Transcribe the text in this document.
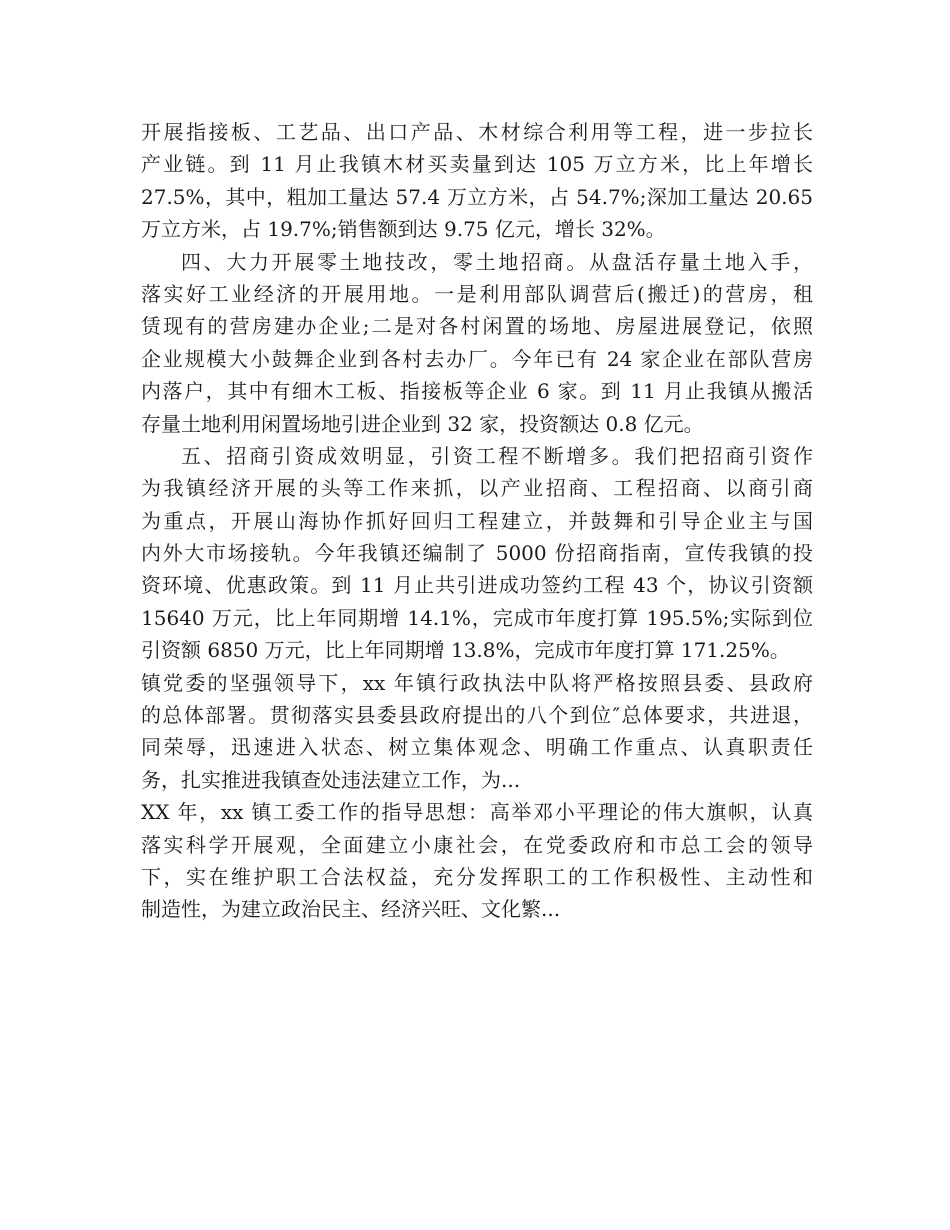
开展指接板、工艺品、出口产品、木材综合利用等工程，进一步拉长
产业链。到 11 月止我镇木材买卖量到达 105 万立方米，比上年增长
27.5%，其中，粗加工量达 57.4 万立方米，占 54.7%;深加工量达 20.65
万立方米，占 19.7%;销售额到达 9.75 亿元，增长 32%。
四、大力开展零土地技改，零土地招商。从盘活存量土地入手，
落实好工业经济的开展用地。一是利用部队调营后(搬迁)的营房，租
赁现有的营房建办企业;二是对各村闲置的场地、房屋进展登记，依照
企业规模大小鼓舞企业到各村去办厂。今年已有 24 家企业在部队营房
内落户，其中有细木工板、指接板等企业 6 家。到 11 月止我镇从搬活
存量土地利用闲置场地引进企业到 32 家，投资额达 0.8 亿元。
五、招商引资成效明显，引资工程不断增多。我们把招商引资作
为我镇经济开展的头等工作来抓，以产业招商、工程招商、以商引商
为重点，开展山海协作抓好回归工程建立，并鼓舞和引导企业主与国
内外大市场接轨。今年我镇还编制了 5000 份招商指南，宣传我镇的投
资环境、优惠政策。到 11 月止共引进成功签约工程 43 个，协议引资额
15640 万元，比上年同期增 14.1%，完成市年度打算 195.5%;实际到位
引资额 6850 万元，比上年同期增 13.8%，完成市年度打算 171.25%。
镇党委的坚强领导下，xx 年镇行政执法中队将严格按照县委、县政府
的总体部署。贯彻落实县委县政府提出的八个到位″总体要求，共进退，
同荣辱，迅速进入状态、树立集体观念、明确工作重点、认真职责任
务，扎实推进我镇查处违法建立工作，为...
XX 年，xx 镇工委工作的指导思想：高举邓小平理论的伟大旗帜，认真
落实科学开展观，全面建立小康社会，在党委政府和市总工会的领导
下，实在维护职工合法权益，充分发挥职工的工作积极性、主动性和
制造性，为建立政治民主、经济兴旺、文化繁...
